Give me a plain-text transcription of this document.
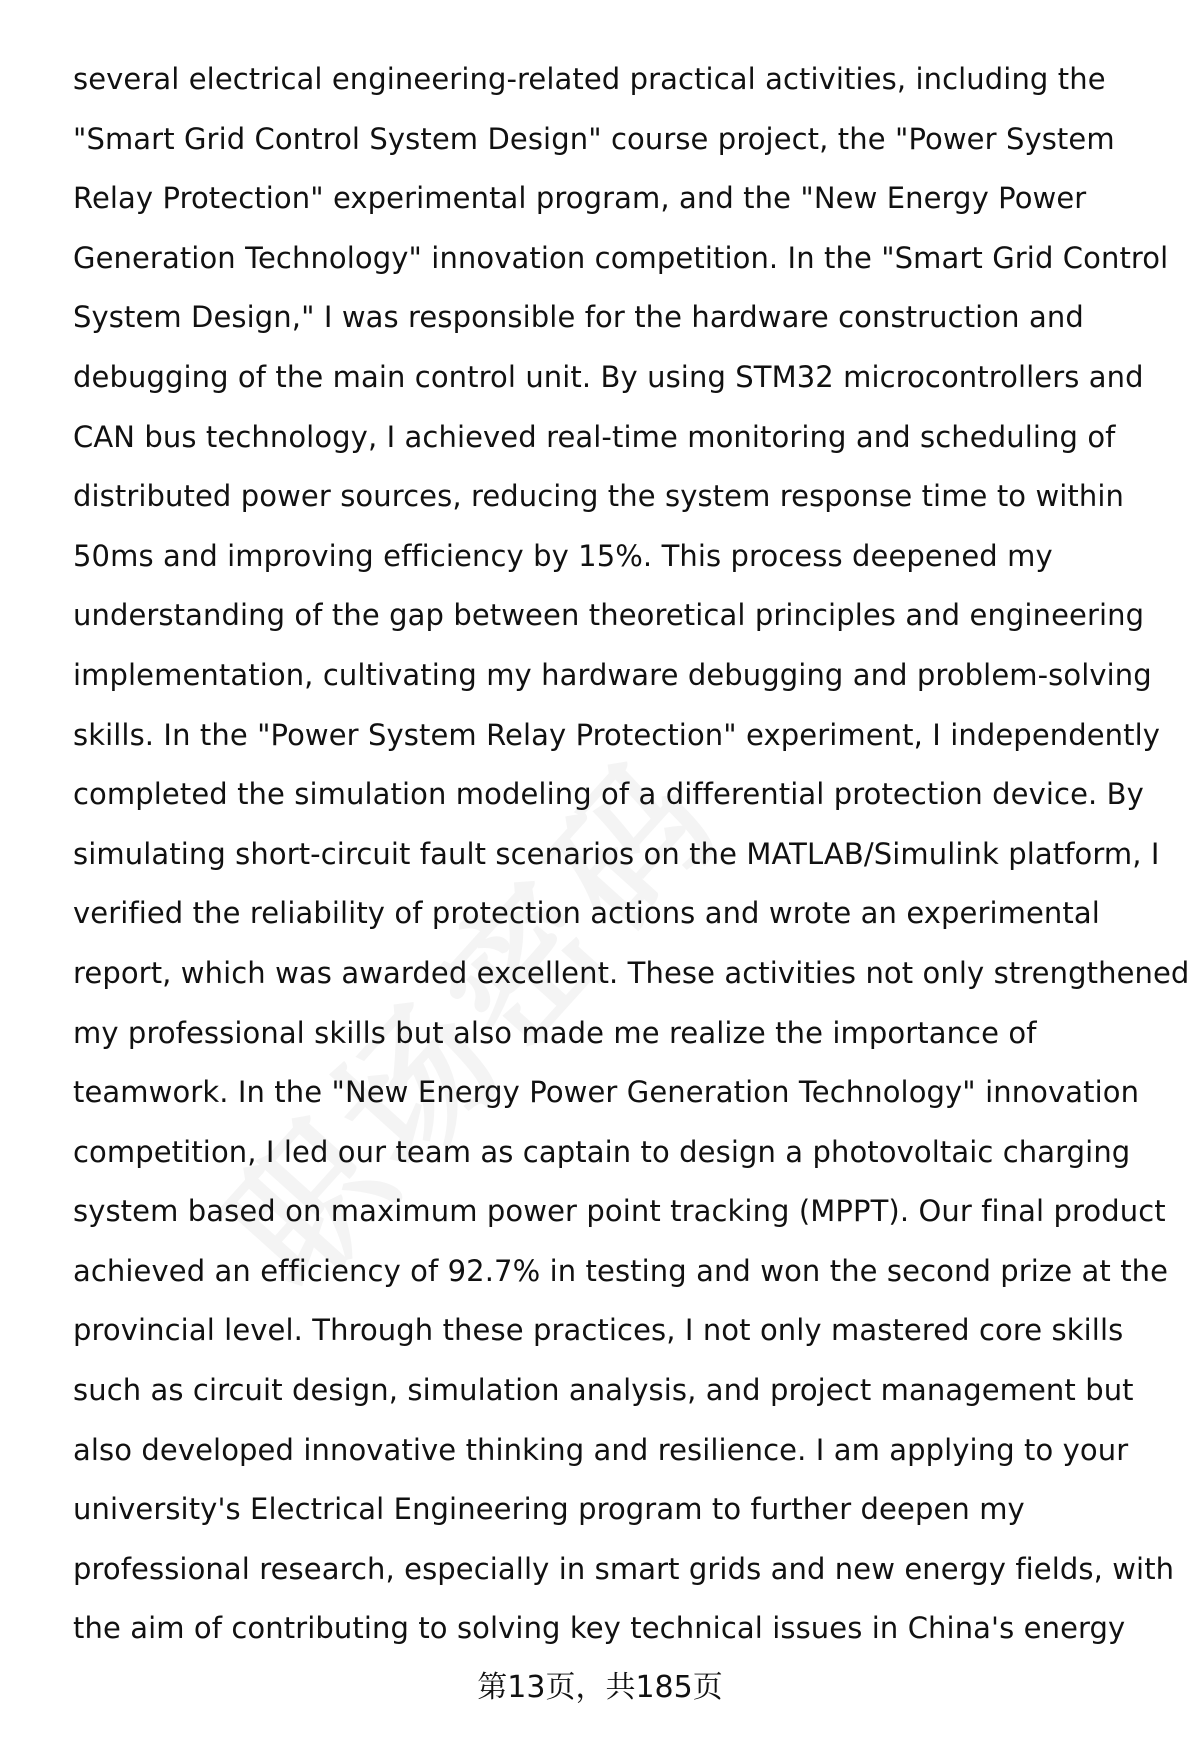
several electrical engineering-related practical activities, including the
"Smart Grid Control System Design" course project, the "Power System
Relay Protection" experimental program, and the "New Energy Power
Generation Technology" innovation competition. In the "Smart Grid Control
System Design," I was responsible for the hardware construction and
debugging of the main control unit. By using STM32 microcontrollers and
CAN bus technology, I achieved real-time monitoring and scheduling of
distributed power sources, reducing the system response time to within
50ms and improving efficiency by 15%. This process deepened my
understanding of the gap between theoretical principles and engineering
implementation, cultivating my hardware debugging and problem-solving
skills. In the "Power System Relay Protection" experiment, I independently
completed the simulation modeling of a differential protection device. By
simulating short-circuit fault scenarios on the MATLAB/Simulink platform, I
verified the reliability of protection actions and wrote an experimental
report, which was awarded excellent. These activities not only strengthened
my professional skills but also made me realize the importance of
teamwork. In the "New Energy Power Generation Technology" innovation
competition, I led our team as captain to design a photovoltaic charging
system based on maximum power point tracking (MPPT). Our final product
achieved an efficiency of 92.7% in testing and won the second prize at the
provincial level. Through these practices, I not only mastered core skills
such as circuit design, simulation analysis, and project management but
also developed innovative thinking and resilience. I am applying to your
university's Electrical Engineering program to further deepen my
professional research, especially in smart grids and new energy fields, with
the aim of contributing to solving key technical issues in China's energy
第13页，共185页
